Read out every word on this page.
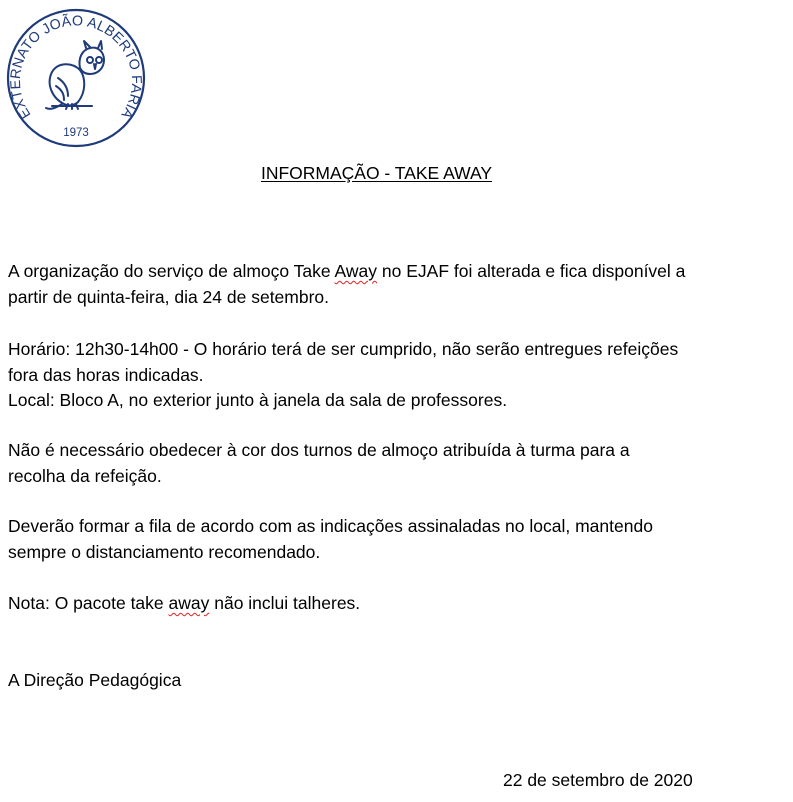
EXTERNATO JOÃO ALBERTO FARIA
1973
INFORMAÇÃO - TAKE AWAY
A organização do serviço de almoço Take Away no EJAF foi alterada e fica disponível a
partir de quinta-feira, dia 24 de setembro.
Horário: 12h30-14h00 - O horário terá de ser cumprido, não serão entregues refeições
fora das horas indicadas.
Local: Bloco A, no exterior junto à janela da sala de professores.
Não é necessário obedecer à cor dos turnos de almoço atribuída à turma para a
recolha da refeição.
Deverão formar a fila de acordo com as indicações assinaladas no local, mantendo
sempre o distanciamento recomendado.
Nota: O pacote take away não inclui talheres.
A Direção Pedagógica
22 de setembro de 2020
